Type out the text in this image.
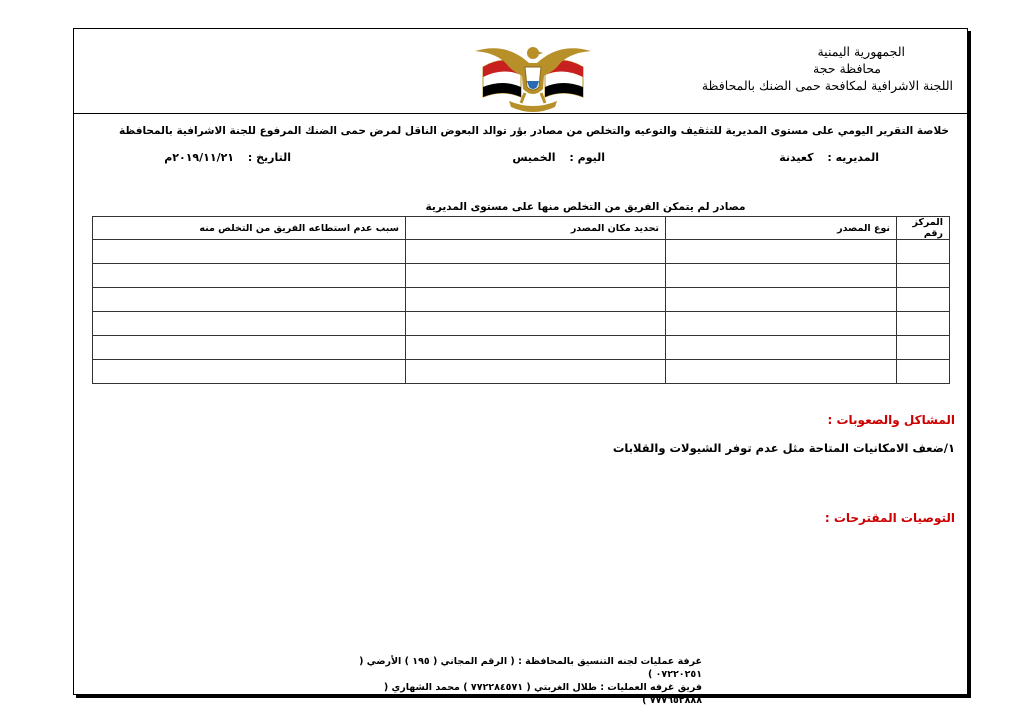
الجمهورية اليمنية
محافظة حجة
اللجنة الاشرافية لمكافحة حمى الضنك بالمحافظة
خلاصة التقرير اليومي على مستوى المديرية للتثقيف والتوعيه والتخلص من مصادر بؤر توالد البعوض الناقل لمرض حمى الضنك المرفوع للجنة الاشرافية بالمحافظة
المديريه : كعيدنة
اليوم : الخميس
التاريخ : ٢٠١٩/١١/٢١م
مصادر لم يتمكن الفريق من التخلص منها على مستوى المديرية
المركز رقم	نوع المصدر	تحديد مكان المصدر	سبب عدم استطاعه الفريق من التخلص منه

المشاكل والصعوبات :
١/ضعف الامكانيات المتاحة مثل عدم توفر الشيولات والقلابات
التوصيات المقترحات :
غرفة عمليات لجنه التنسيق بالمحافظة : ( الرقم المجاني ( ١٩٥ ) الأرضي ( ٠٧٢٢٠٢٥١ )
فريق غرفه العمليات : طلال الغربتي ( ٧٧٢٢٨٤٥٧١ ) محمد الشهاري ( ٧٧٧٦٥٢٨٨٨ )
